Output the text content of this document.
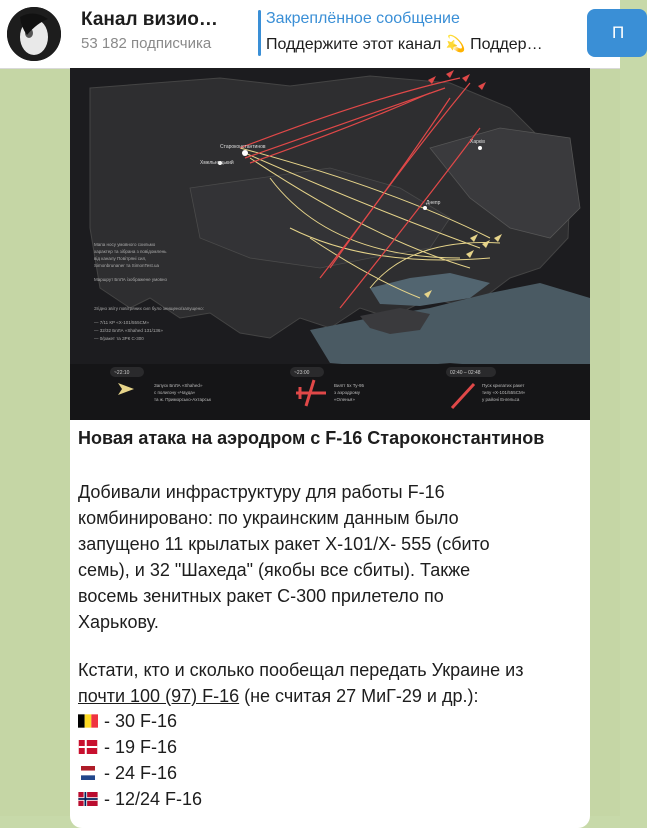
Канал визио…
53 182 подписчика
Закреплённое сообщение
Поддержите этот канал 💫 Поддер…
П
Староконстантинов
Хмельницький
Днепр
Харків
Мапа носу умовного схильмо
характер та зібрана з повідомлень
від каналу Повітряні сил,
Simonbrunaner та SimonTest.ua
Маршрут БпЛА ізображене умовно
Згідно звіту повітряних сил було знищено/запущено:
— 7/11 КР «Х-101/555СМ»
— 32/32 БпЛА «Shahed 131/136»
— 0/ракет та ЗРК С-300
~22:10
Запуск БпЛА «Shahed»
с полигону «Чауда»
та ж. Приморсько-Ахтарськ
~23:00
Вилїт 5х Ту-95
з аэродрому
«Оленья»
02:40 – 02:48
Пуск крилатих ракет
типу «Х-101/555СМ»
у районі Енгельса
Новая атака на аэродром с F-16 Староконстантинов
Добивали инфраструктуру для работы F-16
комбинировано: по украинским данным было
запущено 11 крылатых ракет Х-101/Х- 555 (сбито
семь), и 32 "Шахеда" (якобы все сбиты). Также
восемь зенитных ракет С-300 прилетело по
Харькову.
Кстати, кто и сколько пообещал передать Украине из
почти 100 (97) F-16 (не считая 27 МиГ-29 и др.):
- 30 F-16
- 19 F-16
- 24 F-16
- 12/24 F-16
